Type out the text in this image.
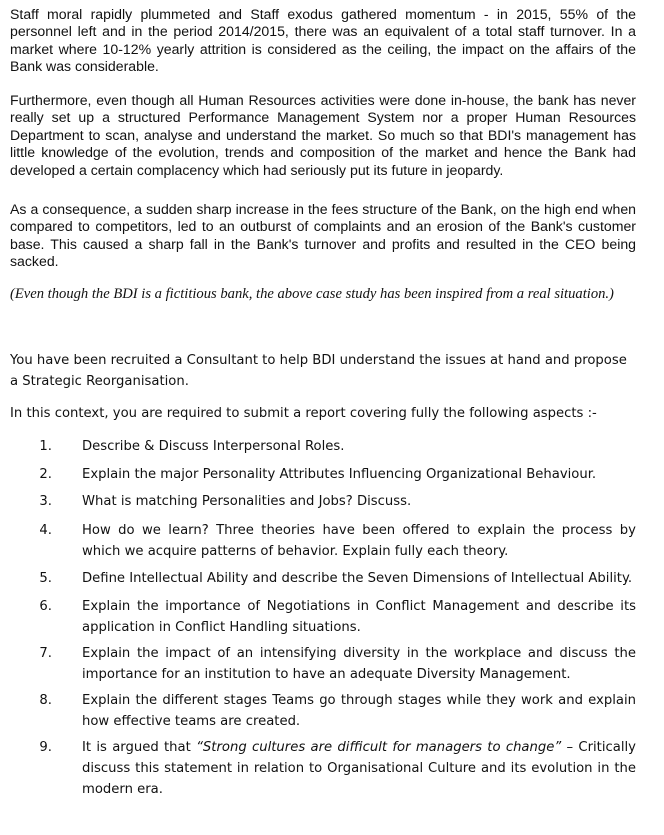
Staff moral rapidly plummeted and Staff exodus gathered momentum - in 2015, 55% of the personnel left and in the period 2014/2015, there was an equivalent of a total staff turnover. In a market where 10-12% yearly attrition is considered as the ceiling, the impact on the affairs of the Bank was considerable.

Furthermore, even though all Human Resources activities were done in-house, the bank has never really set up a structured Performance Management System nor a proper Human Resources Department to scan, analyse and understand the market. So much so that BDI's management has little knowledge of the evolution, trends and composition of the market and hence the Bank had developed a certain complacency which had seriously put its future in jeopardy.

As a consequence, a sudden sharp increase in the fees structure of the Bank, on the high end when compared to competitors, led to an outburst of complaints and an erosion of the Bank's customer base. This caused a sharp fall in the Bank's turnover and profits and resulted in the CEO being sacked.

(Even though the BDI is a fictitious bank, the above case study has been inspired from a real situation.)

You have been recruited a Consultant to help BDI understand the issues at hand and propose a Strategic Reorganisation.

In this context, you are required to submit a report covering fully the following aspects :-

1. Describe & Discuss Interpersonal Roles.
2. Explain the major Personality Attributes Influencing Organizational Behaviour.
3. What is matching Personalities and Jobs? Discuss.
4. How do we learn? Three theories have been offered to explain the process by which we acquire patterns of behavior. Explain fully each theory.
5. Define Intellectual Ability and describe the Seven Dimensions of Intellectual Ability.
6. Explain the importance of Negotiations in Conflict Management and describe its application in Conflict Handling situations.
7. Explain the impact of an intensifying diversity in the workplace and discuss the importance for an institution to have an adequate Diversity Management.
8. Explain the different stages Teams go through stages while they work and explain how effective teams are created.
9. It is argued that “Strong cultures are difficult for managers to change” – Critically discuss this statement in relation to Organisational Culture and its evolution in the modern era.
